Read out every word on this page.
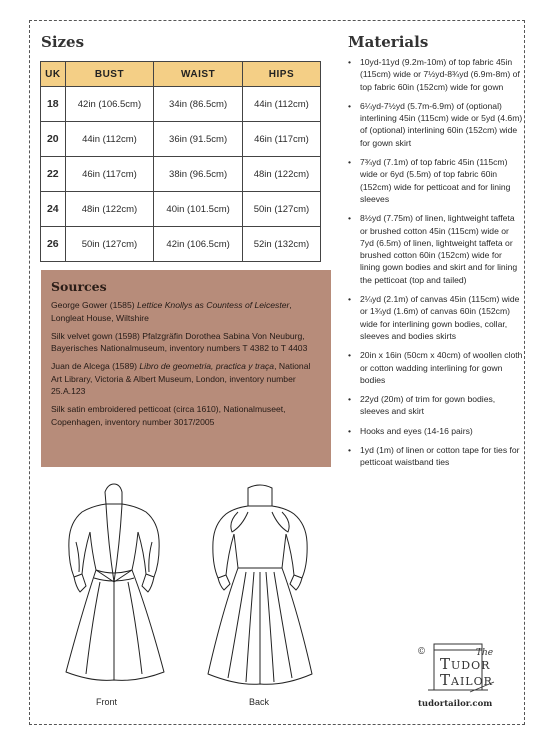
Sizes
UK	BUST	WAIST	HIPS
18	42in (106.5cm)	34in (86.5cm)	44in (112cm)
20	44in (112cm)	36in (91.5cm)	46in (117cm)
22	46in (117cm)	38in (96.5cm)	48in (122cm)
24	48in (122cm)	40in (101.5cm)	50in (127cm)
26	50in (127cm)	42in (106.5cm)	52in (132cm)
Sources

George Gower (1585) Lettice Knollys as Countess of Leicester, Longleat House, Wiltshire

Silk velvet gown (1598) Pfalzgräfin Dorothea Sabina Von Neuburg, Bayerisches Nationalmuseum, inventory numbers T 4382 to T 4403

Juan de Alcega (1589) Libro de geometria, practica y traça, National Art Library, Victoria & Albert Museum, London, inventory number 25.A.123

Silk satin embroidered petticoat (circa 1610), Nationalmuseet, Copenhagen, inventory number 3017/2005

Materials
• 10yd-11yd (9.2m-10m) of top fabric 45in (115cm) wide or 7½yd-8¾yd (6.9m-8m) of top fabric 60in (152cm) wide for gown
• 6¼yd-7½yd (5.7m-6.9m) of (optional) interlining 45in (115cm) wide or 5yd (4.6m) of (optional) interlining 60in (152cm) wide for gown skirt
• 7¾yd (7.1m) of top fabric 45in (115cm) wide or 6yd (5.5m) of top fabric 60in (152cm) wide for petticoat and for lining sleeves
• 8½yd (7.75m) of linen, lightweight taffeta or brushed cotton 45in (115cm) wide or 7yd (6.5m) of linen, lightweight taffeta or brushed cotton 60in (152cm) wide for lining gown bodies and skirt and for lining the petticoat (top and tailed)
• 2¼yd (2.1m) of canvas 45in (115cm) wide or 1¾yd (1.6m) of canvas 60in (152cm) wide for interlining gown bodies, collar, sleeves and bodies skirts
• 20in x 16in (50cm x 40cm) of woollen cloth or cotton wadding interlining for gown bodies
• 22yd (20m) of trim for gown bodies, sleeves and skirt
• Hooks and eyes (14-16 pairs)
• 1yd (1m) of linen or cotton tape for ties for petticoat waistband ties
Front	Back
©	The
Tudor
Tailor
tudortailor.com
